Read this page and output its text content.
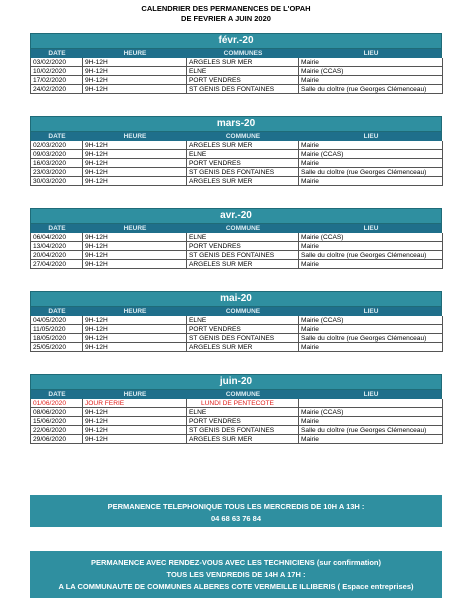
CALENDRIER DES PERMANENCES DE L'OPAH
DE FEVRIER A JUIN 2020
févr.-20
DATE	HEURE	COMMUNES	LIEU
03/02/2020	9H-12H	ARGELES SUR MER	Mairie
10/02/2020	9H-12H	ELNE	Mairie (CCAS)
17/02/2020	9H-12H	PORT VENDRES	Mairie
24/02/2020	9H-12H	ST GENIS DES FONTAINES	Salle du cloître (rue Georges Clémenceau)
mars-20
DATE	HEURE	COMMUNE	LIEU
02/03/2020	9H-12H	ARGELES SUR MER	Mairie
09/03/2020	9H-12H	ELNE	Mairie (CCAS)
16/03/2020	9H-12H	PORT VENDRES	Mairie
23/03/2020	9H-12H	ST GENIS DES FONTAINES	Salle du cloître (rue Georges Clémenceau)
30/03/2020	9H-12H	ARGELES SUR MER	Mairie
avr.-20
DATE	HEURE	COMMUNE	LIEU
06/04/2020	9H-12H	ELNE	Mairie (CCAS)
13/04/2020	9H-12H	PORT VENDRES	Mairie
20/04/2020	9H-12H	ST GENIS DES FONTAINES	Salle du cloître (rue Georges Clémenceau)
27/04/2020	9H-12H	ARGELES SUR MER	Mairie
mai-20
DATE	HEURE	COMMUNE	LIEU
04/05/2020	9H-12H	ELNE	Mairie (CCAS)
11/05/2020	9H-12H	PORT VENDRES	Mairie
18/05/2020	9H-12H	ST GENIS DES FONTAINES	Salle du cloître (rue Georges Clémenceau)
25/05/2020	9H-12H	ARGELES SUR MER	Mairie
juin-20
DATE	HEURE	COMMUNE	LIEU
01/06/2020	JOUR FERIE	LUNDI DE PENTECOTE
08/06/2020	9H-12H	ELNE	Mairie (CCAS)
15/06/2020	9H-12H	PORT VENDRES	Mairie
22/06/2020	9H-12H	ST GENIS DES FONTAINES	Salle du cloître (rue Georges Clémenceau)
29/06/2020	9H-12H	ARGELES SUR MER	Mairie
PERMANENCE TELEPHONIQUE TOUS LES MERCREDIS DE 10H A 13H :
04 68 63 76 84
PERMANENCE AVEC RENDEZ-VOUS AVEC LES TECHNICIENS (sur confirmation)
TOUS LES VENDREDIS DE 14H A 17H :
A LA COMMUNAUTE DE COMMUNES ALBERES COTE VERMEILLE ILLIBERIS ( Espace entreprises)
